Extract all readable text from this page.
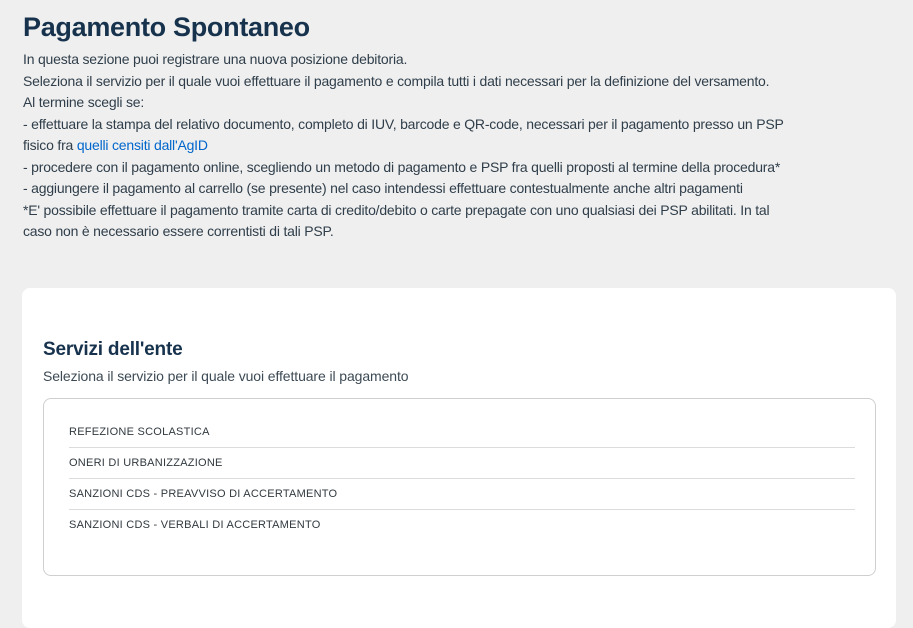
Pagamento Spontaneo
In questa sezione puoi registrare una nuova posizione debitoria.
Seleziona il servizio per il quale vuoi effettuare il pagamento e compila tutti i dati necessari per la definizione del versamento.
Al termine scegli se:
- effettuare la stampa del relativo documento, completo di IUV, barcode e QR-code, necessari per il pagamento presso un PSP
fisico fra quelli censiti dall'AgID
- procedere con il pagamento online, scegliendo un metodo di pagamento e PSP fra quelli proposti al termine della procedura*
- aggiungere il pagamento al carrello (se presente) nel caso intendessi effettuare contestualmente anche altri pagamenti
*E' possibile effettuare il pagamento tramite carta di credito/debito o carte prepagate con uno qualsiasi dei PSP abilitati. In tal
caso non è necessario essere correntisti di tali PSP.
Servizi dell'ente

Seleziona il servizio per il quale vuoi effettuare il pagamento

REFEZIONE SCOLASTICA
ONERI DI URBANIZZAZIONE
SANZIONI CDS - PREAVVISO DI ACCERTAMENTO
SANZIONI CDS - VERBALI DI ACCERTAMENTO
